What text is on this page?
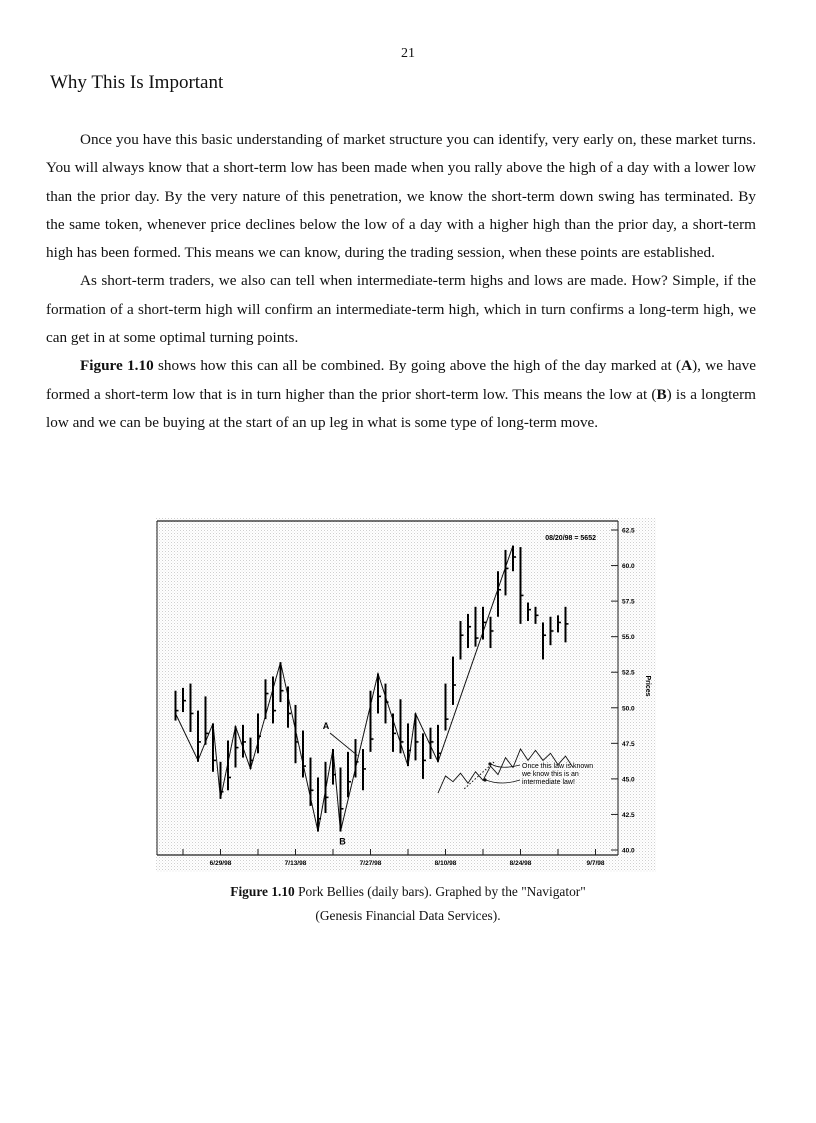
21
Why This Is Important

Once you have this basic understanding of market structure you can identify, very early on, these market turns. You will always know that a short-term low has been made when you rally above the high of a day with a lower low than the prior day. By the very nature of this penetration, we know the short-term down swing has terminated. By the same token, whenever price declines below the low of a day with a higher high than the prior day, a short-term high has been formed. This means we can know, during the trading session, when these points are established.

As short-term traders, we also can tell when intermediate-term highs and lows are made. How? Simple, if the formation of a short-term high will confirm an intermediate-term high, which in turn confirms a long-term high, we can get in at some optimal turning points.

Figure 1.10 shows how this can all be combined. By going above the high of the day marked at (A), we have formed a short-term low that is in turn higher than the prior short-term low. This means the low at (B) is a longterm low and we can be buying at the start of an up leg in what is some type of long-term move.

62.5
60.0
57.5
55.0
52.5
50.0
47.5
45.0
42.5
40.0
6/29/98	7/13/98	7/27/98	8/10/98	8/24/98	9/7/98
A
B
08/20/98 = 5652
Prices
Once this law is known
we know this is an
intermediate law!
Figure 1.10 Pork Bellies (daily bars). Graphed by the "Navigator"
(Genesis Financial Data Services).
